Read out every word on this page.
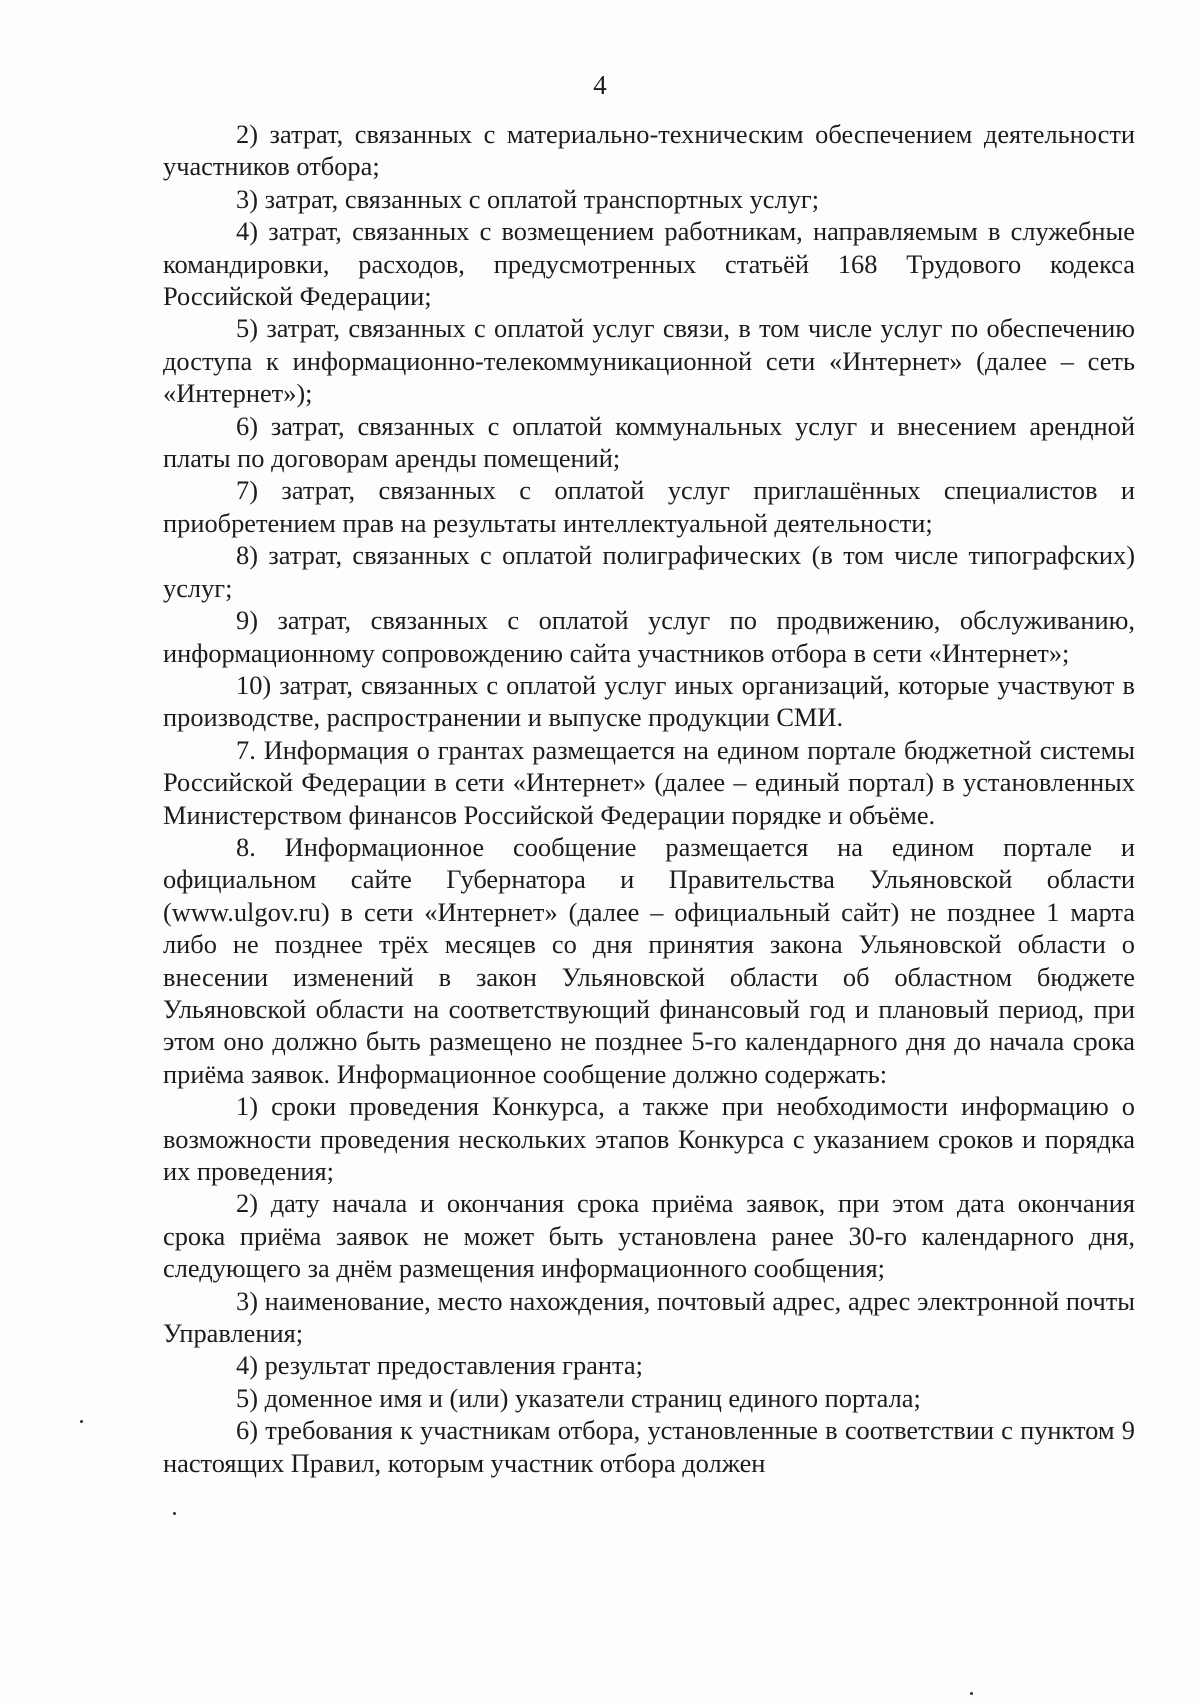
4

2) затрат, связанных с материально-техническим обеспечением деятельности участников отбора;

3) затрат, связанных с оплатой транспортных услуг;

4) затрат, связанных с возмещением работникам, направляемым в служебные командировки, расходов, предусмотренных статьёй 168 Трудового кодекса Российской Федерации;

5) затрат, связанных с оплатой услуг связи, в том числе услуг по обеспечению доступа к информационно-телекоммуникационной сети «Интернет» (далее – сеть «Интернет»);

6) затрат, связанных с оплатой коммунальных услуг и внесением арендной платы по договорам аренды помещений;

7) затрат, связанных с оплатой услуг приглашённых специалистов и приобретением прав на результаты интеллектуальной деятельности;

8) затрат, связанных с оплатой полиграфических (в том числе типографских) услуг;

9) затрат, связанных с оплатой услуг по продвижению, обслуживанию, информационному сопровождению сайта участников отбора в сети «Интернет»;

10) затрат, связанных с оплатой услуг иных организаций, которые участвуют в производстве, распространении и выпуске продукции СМИ.

7. Информация о грантах размещается на едином портале бюджетной системы Российской Федерации в сети «Интернет» (далее – единый портал) в установленных Министерством финансов Российской Федерации порядке и объёме.

8. Информационное сообщение размещается на едином портале и официальном сайте Губернатора и Правительства Ульяновской области (www.ulgov.ru) в сети «Интернет» (далее – официальный сайт) не позднее 1 марта либо не позднее трёх месяцев со дня принятия закона Ульяновской области о внесении изменений в закон Ульяновской области об областном бюджете Ульяновской области на соответствующий финансовый год и плановый период, при этом оно должно быть размещено не позднее 5-го календарного дня до начала срока приёма заявок. Информационное сообщение должно содержать:

1) сроки проведения Конкурса, а также при необходимости информацию о возможности проведения нескольких этапов Конкурса с указанием сроков и порядка их проведения;

2) дату начала и окончания срока приёма заявок, при этом дата окончания срока приёма заявок не может быть установлена ранее 30-го календарного дня, следующего за днём размещения информационного сообщения;

3) наименование, место нахождения, почтовый адрес, адрес электронной почты Управления;

4) результат предоставления гранта;

5) доменное имя и (или) указатели страниц единого портала;

6) требования к участникам отбора, установленные в соответствии с пунктом 9 настоящих Правил, которым участник отбора должен
